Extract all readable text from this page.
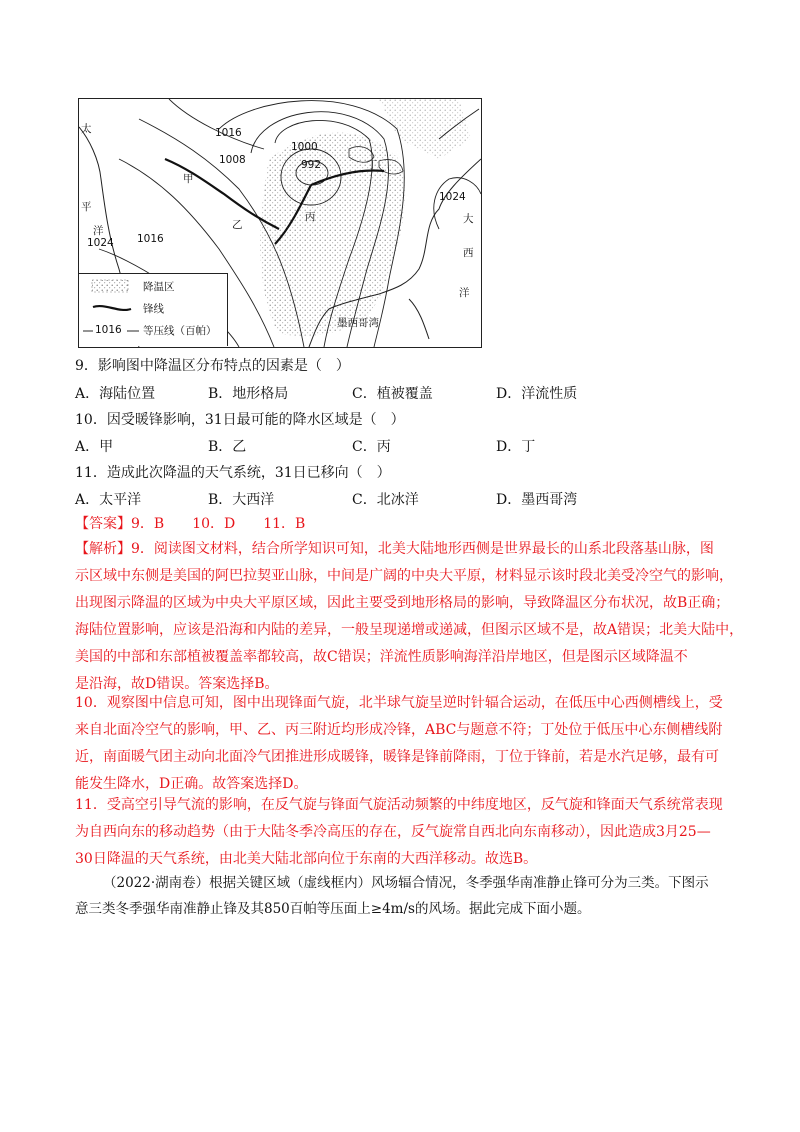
1016
1008
1000
992
1024
1024 1016
甲
乙
丙
丁
太
平
洋
大
西
洋
墨西哥湾
降温区
锋线
1016 等压线（百帕）
9．影响图中降温区分布特点的因素是（　）
A．海陆位置	B．地形格局	C．植被覆盖	D．洋流性质
10．因受暖锋影响，31日最可能的降水区域是（　）
A．甲	B．乙	C．丙	D．丁
11．造成此次降温的天气系统，31日已移向（　）
A．太平洋	B．大西洋	C．北冰洋	D．墨西哥湾
【答案】9．B　　10．D　　11．B
【解析】9．阅读图文材料，结合所学知识可知，北美大陆地形西侧是世界最长的山系北段落基山脉，图
示区域中东侧是美国的阿巴拉契亚山脉，中间是广阔的中央大平原，材料显示该时段北美受冷空气的影响，
出现图示降温的区域为中央大平原区域，因此主要受到地形格局的影响，导致降温区分布状况，故B正确；
海陆位置影响，应该是沿海和内陆的差异，一般呈现递增或递减，但图示区域不是，故A错误；北美大陆中，
美国的中部和东部植被覆盖率都较高，故C错误；洋流性质影响海洋沿岸地区，但是图示区域降温不
是沿海，故D错误。答案选择B。
10．观察图中信息可知，图中出现锋面气旋，北半球气旋呈逆时针辐合运动，在低压中心西侧槽线上，受
来自北面冷空气的影响，甲、乙、丙三附近均形成冷锋，ABC与题意不符；丁处位于低压中心东侧槽线附
近，南面暖气团主动向北面冷气团推进形成暖锋，暖锋是锋前降雨，丁位于锋前，若是水汽足够，最有可
能发生降水，D正确。故答案选择D。
11．受高空引导气流的影响，在反气旋与锋面气旋活动频繁的中纬度地区，反气旋和锋面天气系统常表现
为自西向东的移动趋势（由于大陆冬季冷高压的存在，反气旋常自西北向东南移动），因此造成3月25—
30日降温的天气系统，由北美大陆北部向位于东南的大西洋移动。故选B。
（2022·湖南卷）根据关键区域（虚线框内）风场辐合情况，冬季强华南准静止锋可分为三类。下图示
意三类冬季强华南准静止锋及其850百帕等压面上≥4m/s的风场。据此完成下面小题。
